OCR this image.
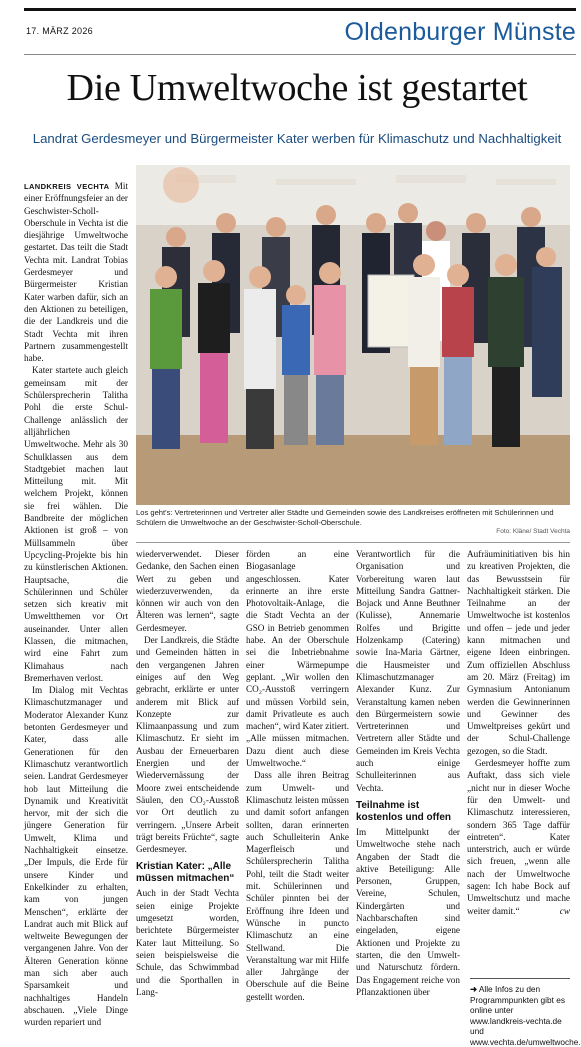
17. MÄRZ 2026	Oldenburger Münste
Die Umweltwoche ist gestartet
Landrat Gerdesmeyer und Bürgermeister Kater werben für Klimaschutz und Nachhaltigkeit

LANDKREIS VECHTA Mit einer Eröffnungsfeier an der Geschwister-Scholl-Oberschule in Vechta ist die diesjährige Umweltwoche gestartet. Das teilt die Stadt Vechta mit. Landrat Tobias Gerdesmeyer und Bürgermeister Kristian Kater warben dafür, sich an den Aktionen zu beteiligen, die der Landkreis und die Stadt Vechta mit ihren Partnern zusammengestellt habe.

Kater startete auch gleich gemeinsam mit der Schülersprecherin Talitha Pohl die erste Schul-Challenge anlässlich der alljährlichen Umweltwoche. Mehr als 30 Schulklassen aus dem Stadtgebiet machen laut Mitteilung mit. Mit welchem Projekt, können sie frei wählen. Die Bandbreite der möglichen Aktionen ist groß – von Müllsammeln über Upcycling-Projekte bis hin zu künstlerischen Aktionen. Hauptsache, die Schülerinnen und Schüler setzen sich kreativ mit Umweltthemen vor Ort auseinander. Unter allen Klassen, die mitmachen, wird eine Fahrt zum Klimahaus nach Bremerhaven verlost.

Im Dialog mit Vechtas Klimaschutzmanager und Moderator Alexander Kunz betonten Gerdesmeyer und Kater, dass alle Generationen für den Klimaschutz verantwortlich seien. Landrat Gerdesmeyer hob laut Mitteilung die Dynamik und Kreativität hervor, mit der sich die jüngere Generation für Umwelt, Klima und Nachhaltigkeit einsetze. „Der Impuls, die Erde für unsere Kinder und Enkelkinder zu erhalten, kam von jungen Menschen“, erklärte der Landrat auch mit Blick auf weltweite Bewegungen der vergangenen Jahre. Von der Älteren Generation könne man sich aber auch Sparsamkeit und nachhaltiges Handeln abschauen. „Viele Dinge wurden repariert und

Los geht's: Vertreterinnen und Vertreter aller Städte und Gemeinden sowie des Landkreises eröffneten mit Schülerinnen und Schülern die Umweltwoche an der Geschwister-Scholl-Oberschule.
Foto: Kläne/ Stadt Vechta

wiederverwendet. Dieser Gedanke, den Sachen einen Wert zu geben und wiederzuverwenden, da können wir auch von den Älteren was lernen“, sagte Gerdesmeyer.

Der Landkreis, die Städte und Gemeinden hätten in den vergangenen Jahren einiges auf den Weg gebracht, erklärte er unter anderem mit Blick auf Konzepte zur Klimaanpassung und zum Klimaschutz. Er sieht im Ausbau der Erneuerbaren Energien und der Wiedervernässung der Moore zwei entscheidende Säulen, den CO₂-Ausstoß vor Ort deutlich zu verringern. „Unsere Arbeit trägt bereits Früchte“, sagte Gerdesmeyer.

Kristian Kater: „Alle
müssen mitmachen“

Auch in der Stadt Vechta seien einige Projekte umgesetzt worden, berichtete Bürgermeister Kater laut Mitteilung. So seien beispielsweise die Schule, das Schwimmbad und die Sporthallen in Lang-

förden an eine Biogasanlage angeschlossen. Kater erinnerte an ihre erste Photovoltaik-Anlage, die die Stadt Vechta an der GSO in Betrieb genommen habe. An der Oberschule sei die Inbetriebnahme einer Wärmepumpe geplant. „Wir wollen den CO₂-Ausstoß verringern und müssen Vorbild sein, damit Privatleute es auch machen“, wird Kater zitiert. „Alle müssen mitmachen. Dazu dient auch diese Umweltwoche.“

Dass alle ihren Beitrag zum Umwelt- und Klimaschutz leisten müssen und damit sofort anfangen sollten, daran erinnerten auch Schulleiterin Anke Magerfleisch und Schülersprecherin Talitha Pohl, teilt die Stadt weiter mit. Schülerinnen und Schüler pinnten bei der Eröffnung ihre Ideen und Wünsche in puncto Klimaschutz an eine Stellwand. Die Veranstaltung war mit Hilfe aller Jahrgänge der Oberschule auf die Beine gestellt worden.

Verantwortlich für die Organisation und Vorbereitung waren laut Mitteilung Sandra Gattner-Bojack und Anne Beuthner (Kulisse), Annemarie Rolfes und Brigitte Holzenkamp (Catering) sowie Ina-Maria Gärtner, die Hausmeister und Klimaschutzmanager Alexander Kunz. Zur Veranstaltung kamen neben den Bürgermeistern sowie Vertreterinnen und Vertretern aller Städte und Gemeinden im Kreis Vechta auch einige Schulleiterinnen aus Vechta.

Teilnahme ist
kostenlos und offen

Im Mittelpunkt der Umweltwoche stehe nach Angaben der Stadt die aktive Beteiligung: Alle Personen, Gruppen, Vereine, Schulen, Kindergärten und Nachbarschaften sind eingeladen, eigene Aktionen und Projekte zu starten, die den Umwelt- und Naturschutz fördern. Das Engagement reiche von Pflanzaktionen über

Aufräuminitiativen bis hin zu kreativen Projekten, die das Bewusstsein für Nachhaltigkeit stärken. Die Teilnahme an der Umweltwoche ist kostenlos und offen – jede und jeder kann mitmachen und eigene Ideen einbringen. Zum offiziellen Abschluss am 20. März (Freitag) im Gymnasium Antonianum werden die Gewinnerinnen und Gewinner des Umweltpreises gekürt und der Schul-Challenge gezogen, so die Stadt.

Gerdesmeyer hoffte zum Auftakt, dass sich viele „nicht nur in dieser Woche für den Umwelt- und Klimaschutz interessieren, sondern 365 Tage daffür eintreten“. Kater unterstrich, auch er würde sich freuen, „wenn alle nach der Umweltwoche sagen: Ich habe Bock auf Umweltschutz und mache weiter damit.“	cw

➜ Alle Infos zu den Programmpunkten gibt es online unter www.landkreis-vechta.de und www.vechta.de/umweltwoche.
